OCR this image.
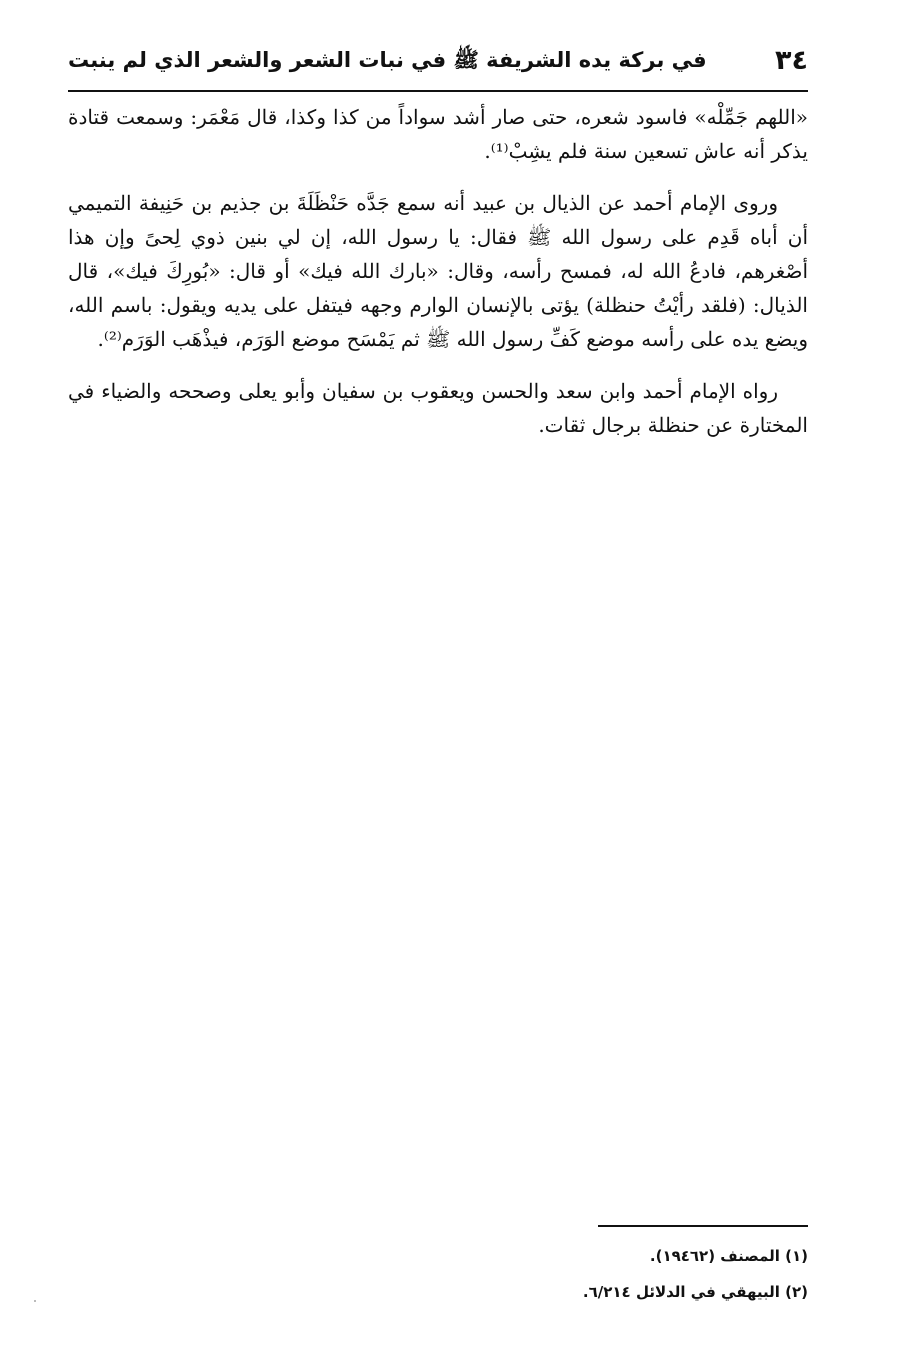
٣٤
في بركة يده الشريفة ﷺ في نبات الشعر والشعر الذي لم ينبت

«اللهم جَمِّلْه» فاسود شعره، حتى صار أشد سواداً من كذا وكذا، قال مَعْمَر: وسمعت قتادة يذكر أنه عاش تسعين سنة فلم يشِبْ⁽¹⁾.

وروى الإمام أحمد عن الذيال بن عبيد أنه سمع جَدَّه حَنْظَلَةَ بن جذيم بن حَنِيفة التميمي أن أباه قَدِم على رسول الله ﷺ فقال: يا رسول الله، إن لي بنين ذوي لِحىً وإن هذا أصْغرهم، فادعُ الله له، فمسح رأسه، وقال: «بارك الله فيك» أو قال: «بُورِكَ فيك»، قال الذيال: (فلقد رأيْتُ حنظلة) يؤتى بالإنسان الوارم وجهه فيتفل على يديه ويقول: باسم الله، ويضع يده على رأسه موضع كَفِّ رسول الله ﷺ ثم يَمْسَح موضع الوَرَم، فيذْهَب الوَرَم⁽²⁾.

رواه الإمام أحمد وابن سعد والحسن ويعقوب بن سفيان وأبو يعلى وصححه والضياء في المختارة عن حنظلة برجال ثقات.

(١) المصنف (١٩٤٦٢).

(٢) البيهقي في الدلائل ٦/٢١٤.
